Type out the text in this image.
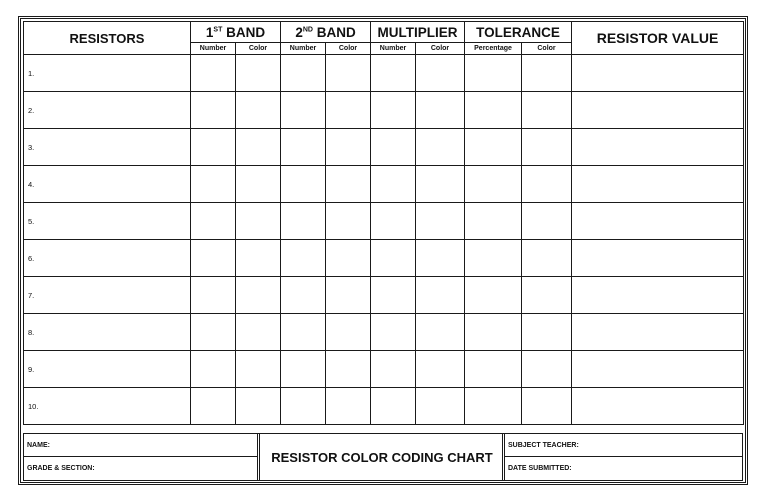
RESISTORS	1ST BAND		2ND BAND		MULTIPLIER		TOLERANCE		RESISTOR VALUE
	Number	Color	Number	Color	Number	Color	Percentage	Color	
1.									
2.									
3.									
4.									
5.									
6.									
7.									
8.									
9.									
10.									
NAME:
GRADE & SECTION:
RESISTOR COLOR CODING CHART
SUBJECT TEACHER:
DATE SUBMITTED:
